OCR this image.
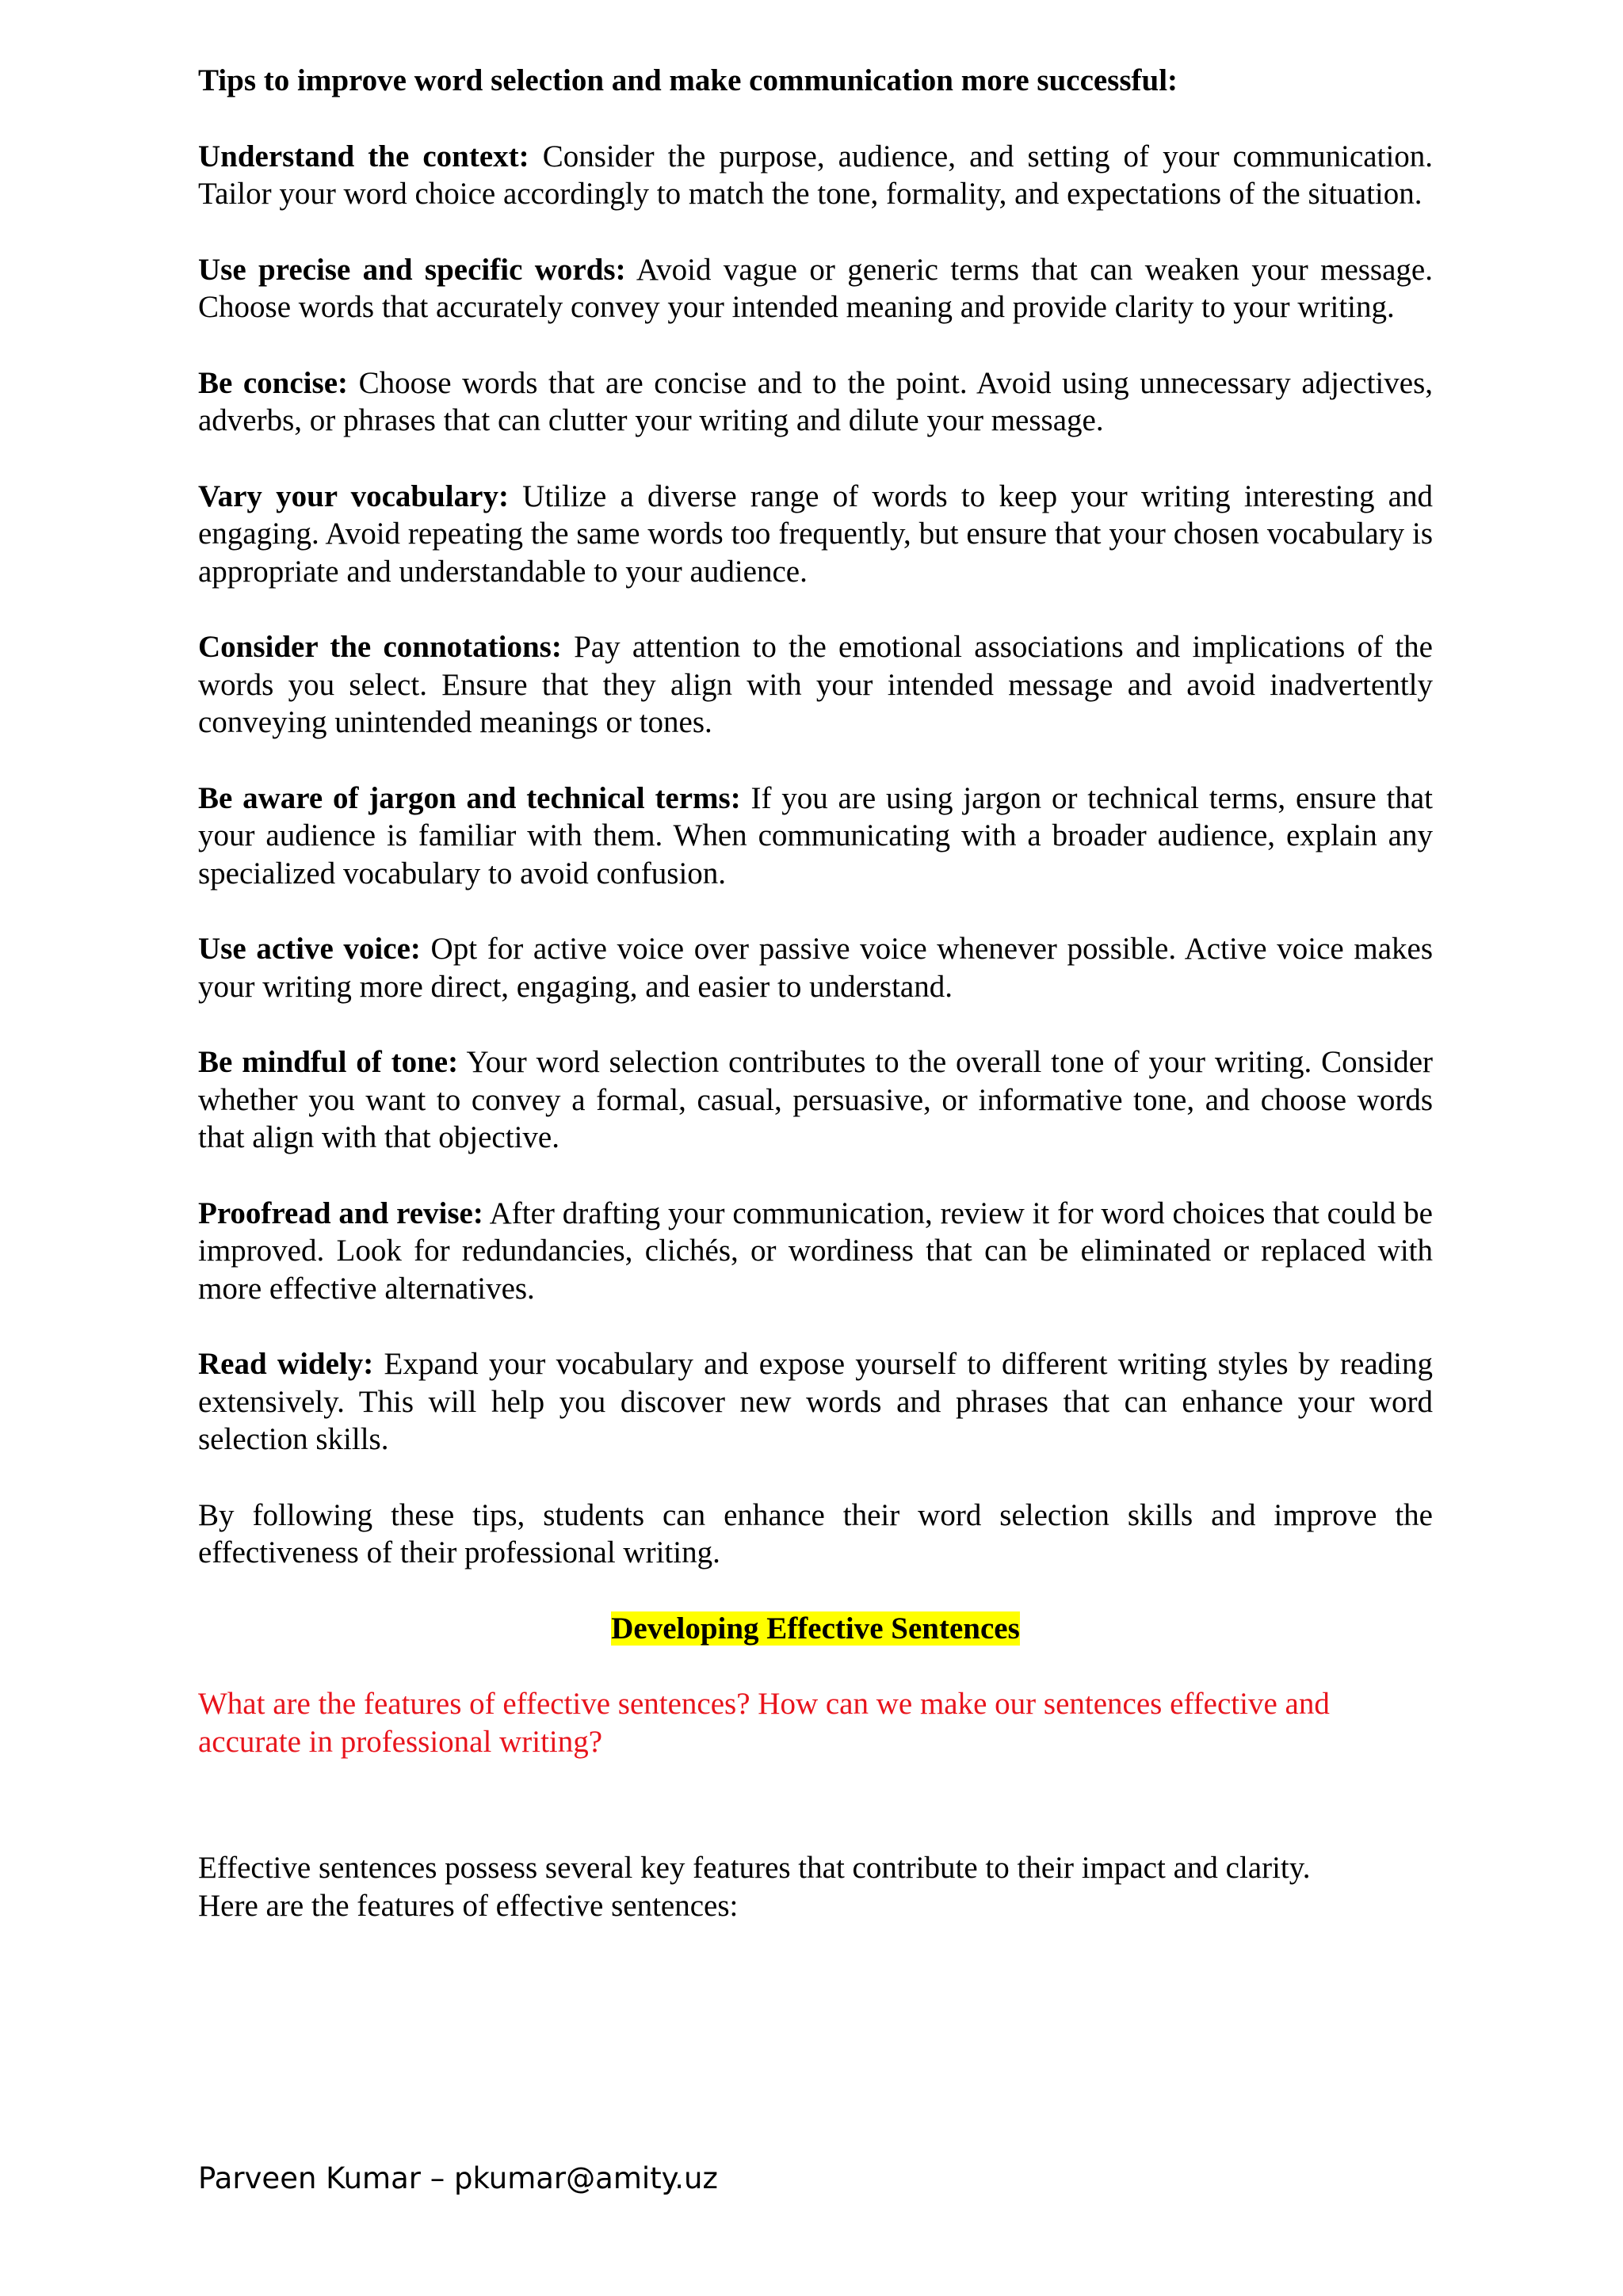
Tips to improve word selection and make communication more successful:
Understand the context: Consider the purpose, audience, and setting of your communication. Tailor your word choice accordingly to match the tone, formality, and expectations of the situation.
Use precise and specific words: Avoid vague or generic terms that can weaken your message. Choose words that accurately convey your intended meaning and provide clarity to your writing.
Be concise: Choose words that are concise and to the point. Avoid using unnecessary adjectives, adverbs, or phrases that can clutter your writing and dilute your message.
Vary your vocabulary: Utilize a diverse range of words to keep your writing interesting and engaging. Avoid repeating the same words too frequently, but ensure that your chosen vocabulary is appropriate and understandable to your audience.
Consider the connotations: Pay attention to the emotional associations and implications of the words you select. Ensure that they align with your intended message and avoid inadvertently conveying unintended meanings or tones.
Be aware of jargon and technical terms: If you are using jargon or technical terms, ensure that your audience is familiar with them. When communicating with a broader audience, explain any specialized vocabulary to avoid confusion.
Use active voice: Opt for active voice over passive voice whenever possible. Active voice makes your writing more direct, engaging, and easier to understand.
Be mindful of tone: Your word selection contributes to the overall tone of your writing. Consider whether you want to convey a formal, casual, persuasive, or informative tone, and choose words that align with that objective.
Proofread and revise: After drafting your communication, review it for word choices that could be improved. Look for redundancies, clichés, or wordiness that can be eliminated or replaced with more effective alternatives.
Read widely: Expand your vocabulary and expose yourself to different writing styles by reading extensively. This will help you discover new words and phrases that can enhance your word selection skills.
By following these tips, students can enhance their word selection skills and improve the effectiveness of their professional writing.
Developing Effective Sentences
What are the features of effective sentences? How can we make our sentences effective and accurate in professional writing?
Effective sentences possess several key features that contribute to their impact and clarity.
Here are the features of effective sentences:
Parveen Kumar – pkumar@amity.uz
